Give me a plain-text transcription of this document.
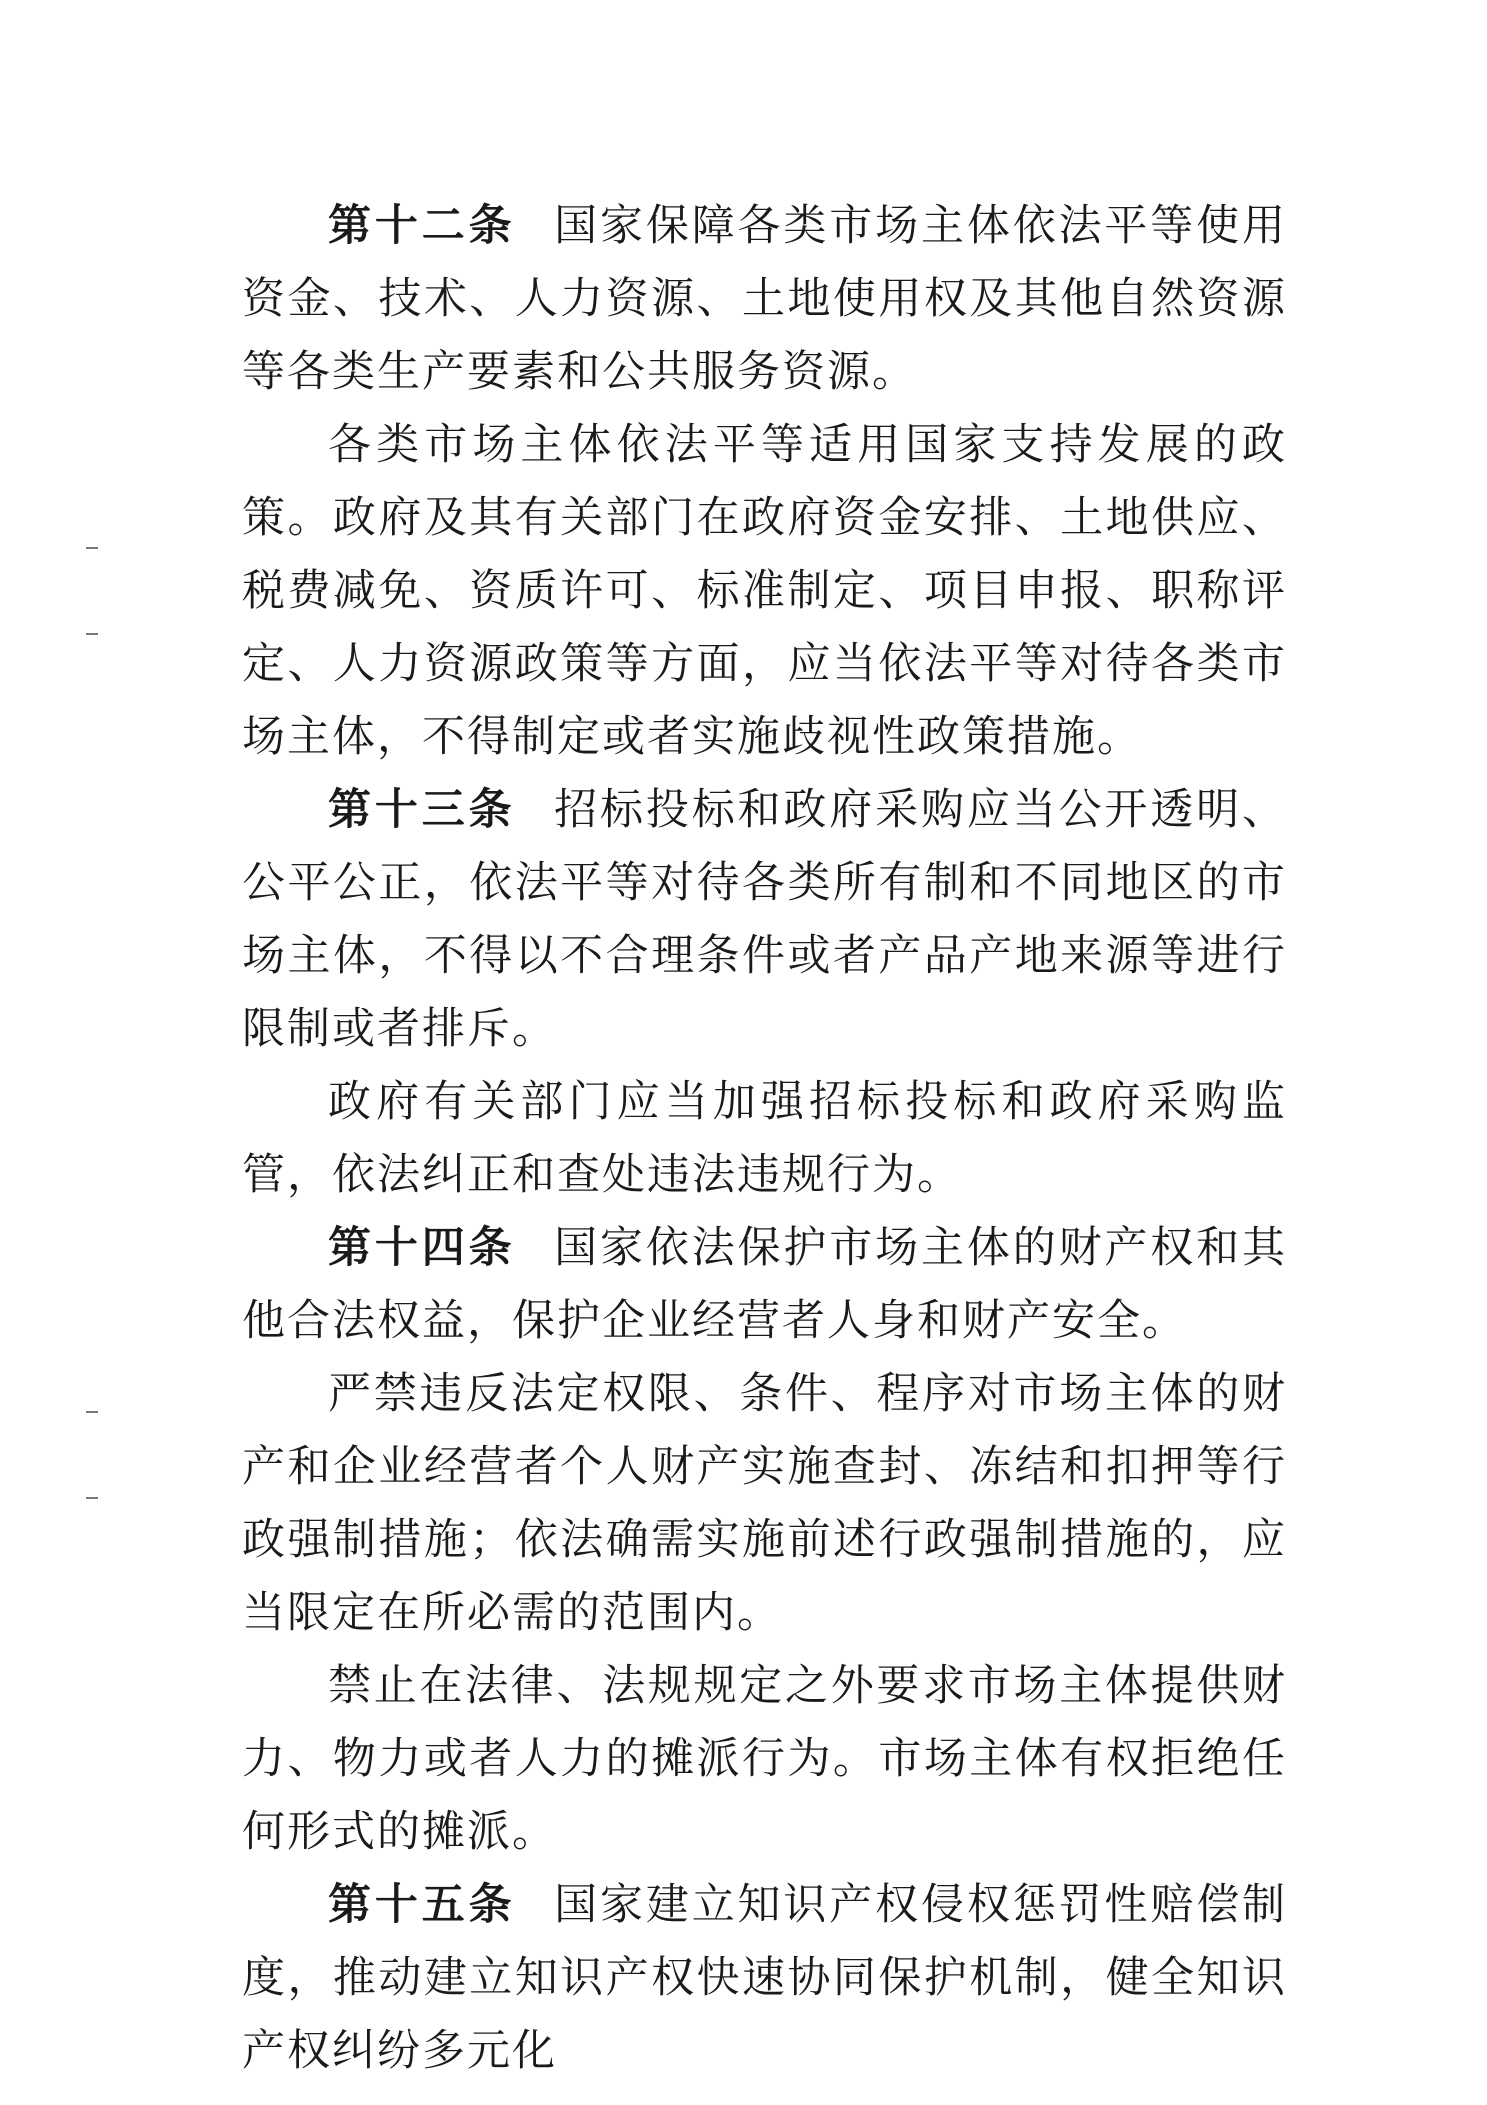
第十二条 国家保障各类市场主体依法平等使用资金、技术、人力资源、土地使用权及其他自然资源等各类生产要素和公共服务资源。

各类市场主体依法平等适用国家支持发展的政策。政府及其有关部门在政府资金安排、土地供应、税费减免、资质许可、标准制定、项目申报、职称评定、人力资源政策等方面，应当依法平等对待各类市场主体，不得制定或者实施歧视性政策措施。

第十三条 招标投标和政府采购应当公开透明、公平公正，依法平等对待各类所有制和不同地区的市场主体，不得以不合理条件或者产品产地来源等进行限制或者排斥。

政府有关部门应当加强招标投标和政府采购监管，依法纠正和查处违法违规行为。

第十四条 国家依法保护市场主体的财产权和其他合法权益，保护企业经营者人身和财产安全。

严禁违反法定权限、条件、程序对市场主体的财产和企业经营者个人财产实施查封、冻结和扣押等行政强制措施；依法确需实施前述行政强制措施的，应当限定在所必需的范围内。

禁止在法律、法规规定之外要求市场主体提供财力、物力或者人力的摊派行为。市场主体有权拒绝任何形式的摊派。

第十五条 国家建立知识产权侵权惩罚性赔偿制度，推动建立知识产权快速协同保护机制，健全知识产权纠纷多元化
